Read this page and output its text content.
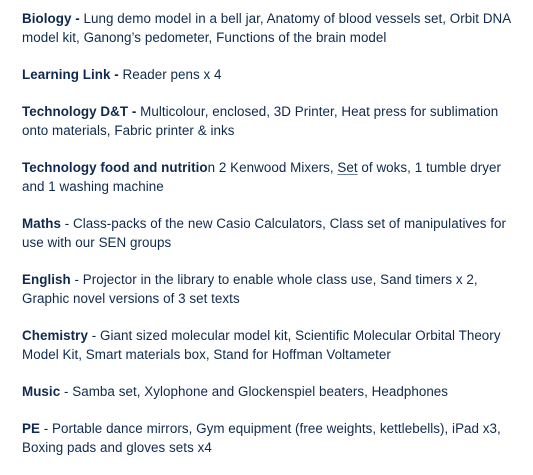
Biology - Lung demo model in a bell jar, Anatomy of blood vessels set, Orbit DNA model kit, Ganong’s pedometer, Functions of the brain model

Learning Link - Reader pens x 4

Technology D&T - Multicolour, enclosed, 3D Printer, Heat press for sublimation onto materials, Fabric printer & inks

Technology food and nutrition 2 Kenwood Mixers, Set of woks, 1 tumble dryer and 1 washing machine

Maths - Class-packs of the new Casio Calculators, Class set of manipulatives for use with our SEN groups

English - Projector in the library to enable whole class use, Sand timers x 2, Graphic novel versions of 3 set texts

Chemistry - Giant sized molecular model kit, Scientific Molecular Orbital Theory Model Kit, Smart materials box, Stand for Hoffman Voltameter

Music - Samba set, Xylophone and Glockenspiel beaters, Headphones

PE - Portable dance mirrors, Gym equipment (free weights, kettlebells), iPad x3, Boxing pads and gloves sets x4
